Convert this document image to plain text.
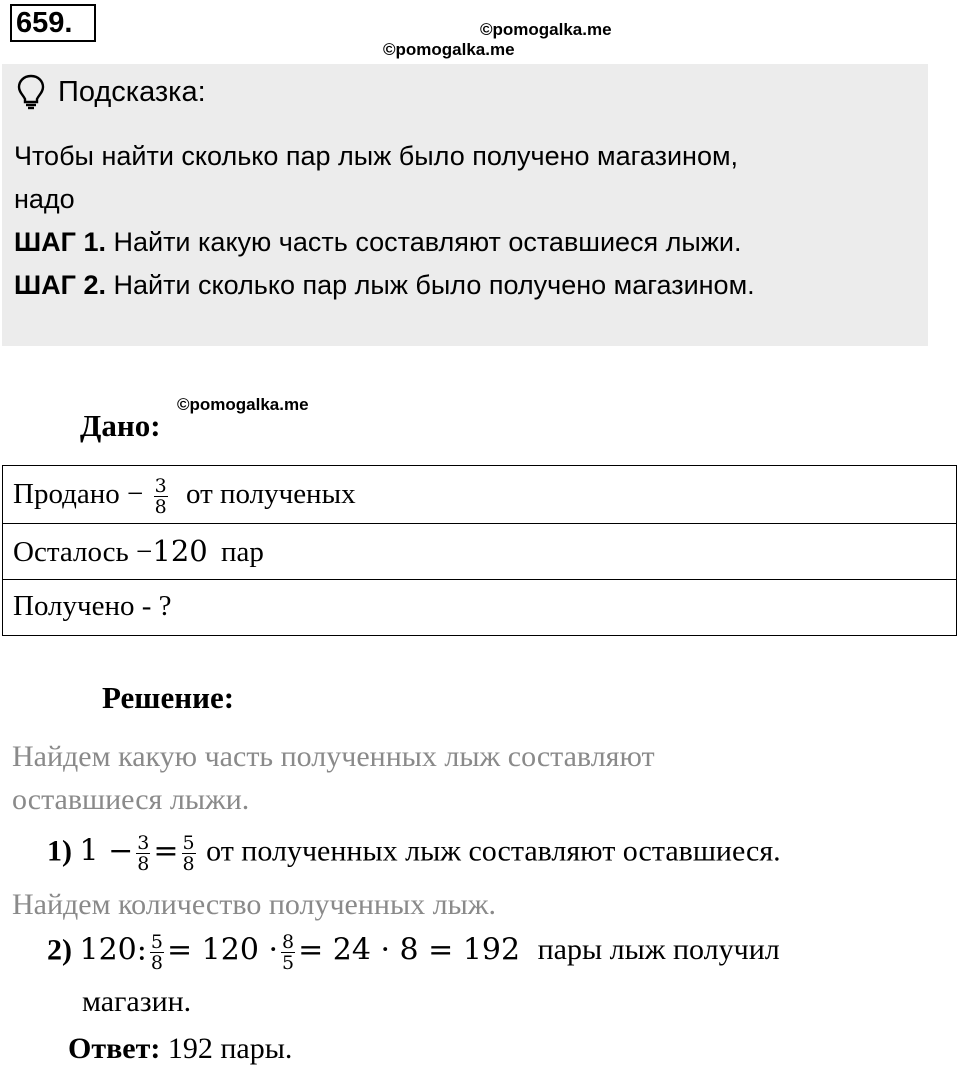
659.	©pomogalka.me
©pomogalka.me
Подсказка:
Чтобы найти сколько пар лыж было получено магазином,
надо
ШАГ 1. Найти какую часть составляют оставшиеся лыжи.
ШАГ 2. Найти сколько пар лыж было получено магазином.
©pomogalka.me
Дано:
Продано − $\frac{3}{8}$ от полученых
Осталось −120 пар
Получено - ?
Решение:
Найдем какую часть полученных лыж составляют
оставшиеся лыжи.
1) $1 - \frac{3}{8} = \frac{5}{8}$ от полученных лыж составляют оставшиеся.
Найдем количество полученных лыж.
2) 120: $\frac{5}{8} = 120 \cdot \frac{8}{5} = 24 \cdot 8 = 192$ пары лыж получил
магазин.
Ответ: 192 пары.
